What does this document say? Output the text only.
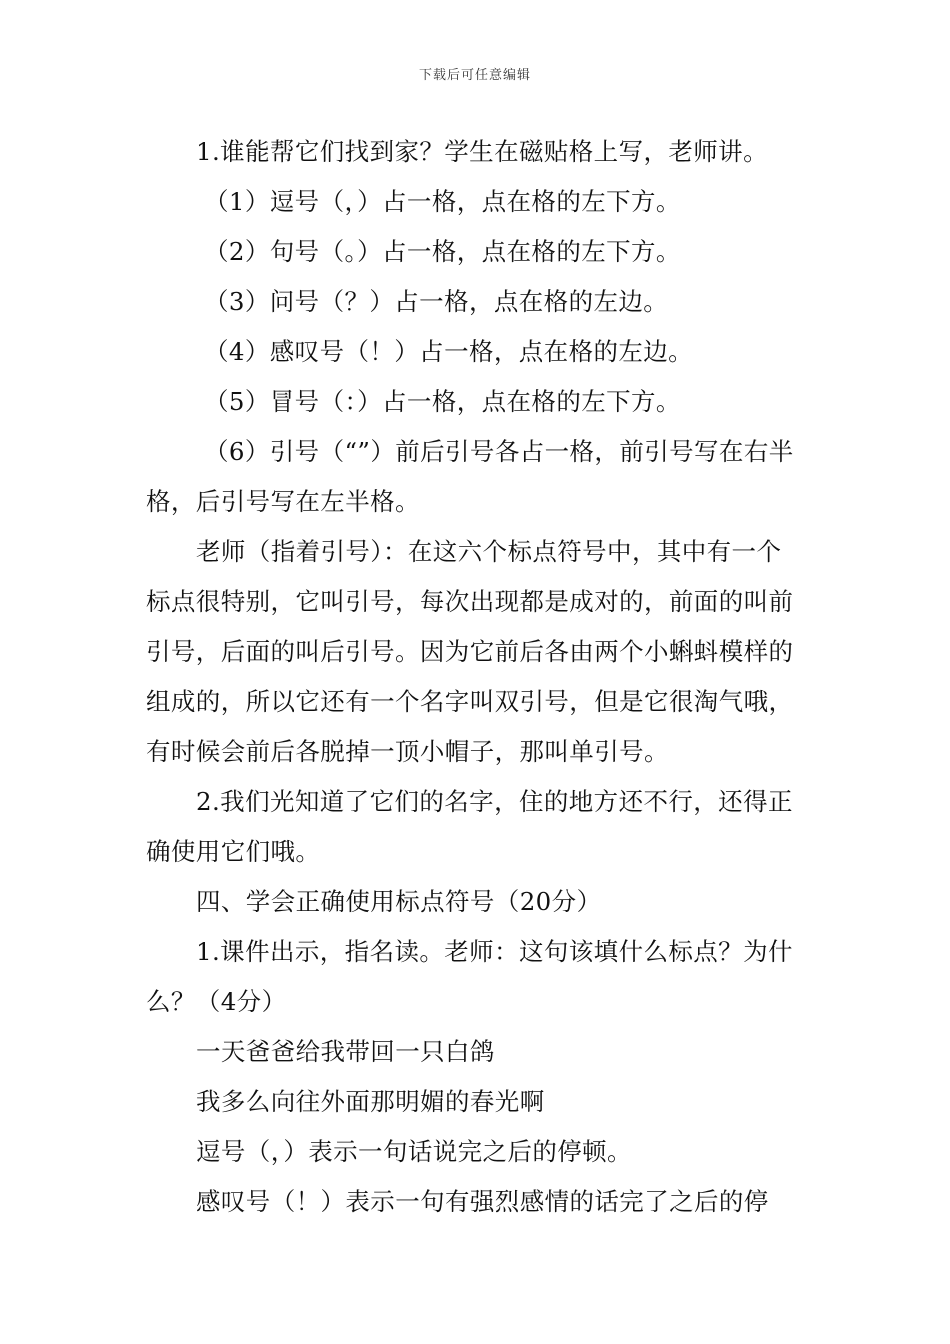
下载后可任意编辑

1.谁能帮它们找到家？学生在磁贴格上写，老师讲。

（1）逗号（，）占一格，点在格的左下方。

（2）句号（。）占一格，点在格的左下方。

（3）问号（？）占一格，点在格的左边。

（4）感叹号（！）占一格，点在格的左边。

（5）冒号（：）占一格，点在格的左下方。

（6）引号（“”）前后引号各占一格，前引号写在右半格，后引号写在左半格。

老师（指着引号）：在这六个标点符号中，其中有一个标点很特别，它叫引号，每次出现都是成对的，前面的叫前引号，后面的叫后引号。因为它前后各由两个小蝌蚪模样的组成的，所以它还有一个名字叫双引号，但是它很淘气哦，有时候会前后各脱掉一顶小帽子，那叫单引号。

2.我们光知道了它们的名字，住的地方还不行，还得正确使用它们哦。

四、学会正确使用标点符号（20分）

1.课件出示，指名读。老师：这句该填什么标点？为什么？（4分）

一天爸爸给我带回一只白鸽

我多么向往外面那明媚的春光啊

逗号（，）表示一句话说完之后的停顿。

感叹号（！）表示一句有强烈感情的话完了之后的停
